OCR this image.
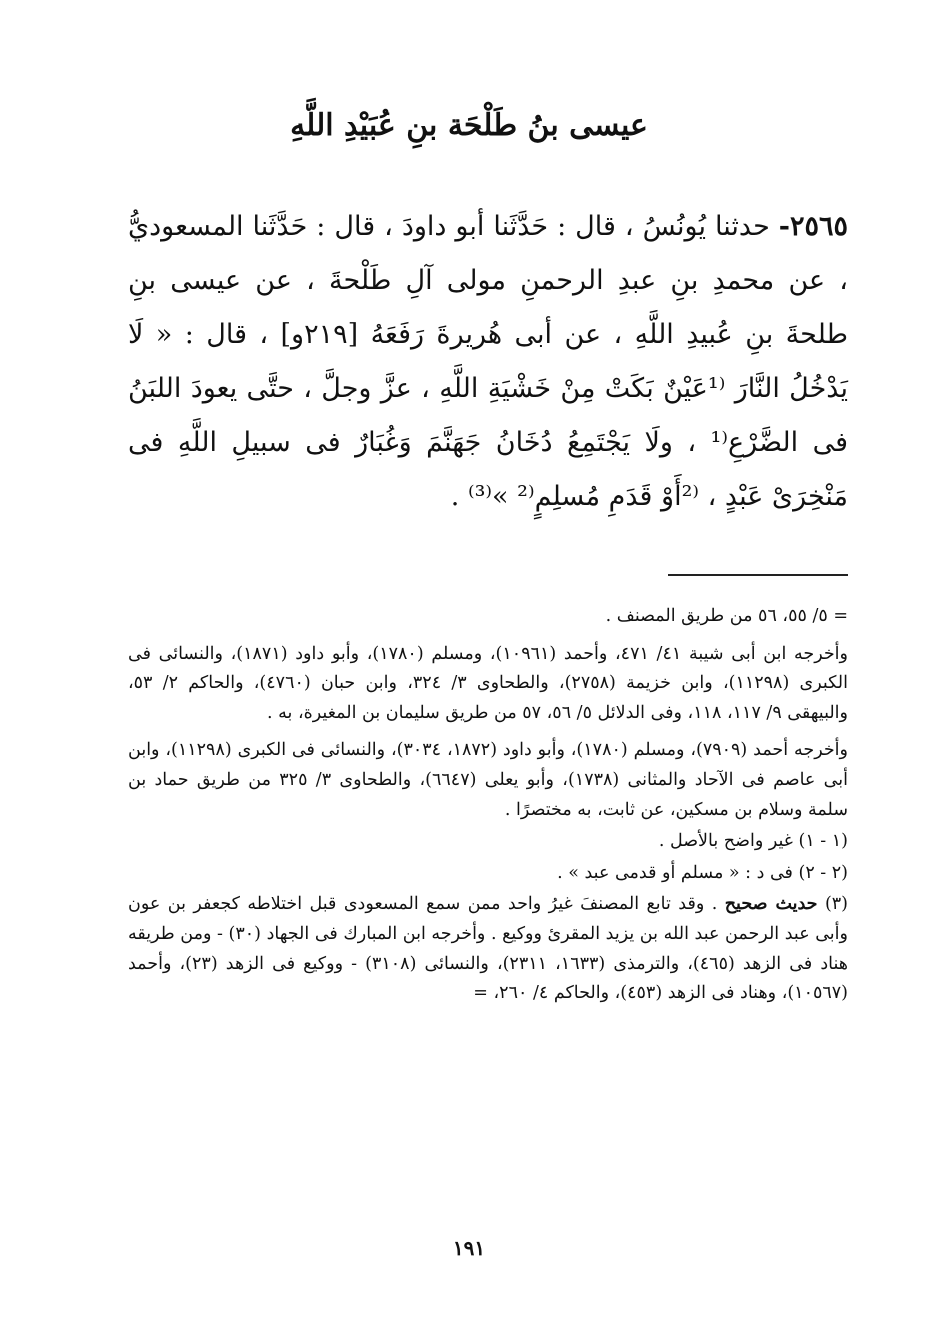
عيسى بنُ طَلْحَة بنِ عُبَيْدِ اللَّهِ
٢٥٦٥- حدثنا يُونُسُ ، قال : حَدَّثَنا أبو داودَ ، قال : حَدَّثَنا المسعوديُّ ، عن محمدِ بنِ عبدِ الرحمنِ مولى آلِ طَلْحةَ ، عن عيسى بنِ طلحةَ بنِ عُبيدِ اللَّهِ ، عن أبى هُريرةَ رَفَعَهُ [٢١٩و] ، قال : « لَا يَدْخُلُ النَّارَ ⁽¹عَيْنٌ بَكَتْ مِنْ خَشْيَةِ اللَّهِ ، عزَّ وجلَّ ، حتَّى يعودَ اللبَنُ فى الضَّرْعِ⁽¹ ، ولَا يَجْتَمِعُ دُخَانُ جَهَنَّمَ وَغُبَارٌ فى سبيلِ اللَّهِ فى مَنْخِرَىْ عَبْدٍ ، ⁽²أَوْ قَدَمِ مُسلِمٍ⁽² »⁽³⁾ .

= ٥/ ٥٥، ٥٦ من طريق المصنف .

وأخرجه ابن أبى شيبة ٤١/ ٤٧١، وأحمد (١٠٩٦١)، ومسلم (١٧٨٠)، وأبو داود (١٨٧١)، والنسائى فى الكبرى (١١٢٩٨)، وابن خزيمة (٢٧٥٨)، والطحاوى ٣/ ٣٢٤، وابن حبان (٤٧٦٠)، والحاكم ٢/ ٥٣، والبيهقى ٩/ ١١٧، ١١٨، وفى الدلائل ٥/ ٥٦، ٥٧ من طريق سليمان بن المغيرة، به .

وأخرجه أحمد (٧٩٠٩)، ومسلم (١٧٨٠)، وأبو داود (١٨٧٢، ٣٠٣٤)، والنسائى فى الكبرى (١١٢٩٨)، وابن أبى عاصم فى الآحاد والمثانى (١٧٣٨)، وأبو يعلى (٦٦٤٧)، والطحاوى ٣/ ٣٢٥ من طريق حماد بن سلمة وسلام بن مسكين، عن ثابت، به مختصرًا .

(١ - ١) غير واضح بالأصل .

(٢ - ٢) فى د : « مسلم أو قدمى عبد » .

(٣) حديث صحيح . وقد تابع المصنفَ غيرُ واحد ممن سمع المسعودى قبل اختلاطه كجعفر بن عون وأبى عبد الرحمن عبد الله بن يزيد المقرئ ووكيع . وأخرجه ابن المبارك فى الجهاد (٣٠) - ومن طريقه هناد فى الزهد (٤٦٥)، والترمذى (١٦٣٣، ٢٣١١)، والنسائى (٣١٠٨) - ووكيع فى الزهد (٢٣)، وأحمد (١٠٥٦٧)، وهناد فى الزهد (٤٥٣)، والحاكم ٤/ ٢٦٠، =

١٩١
